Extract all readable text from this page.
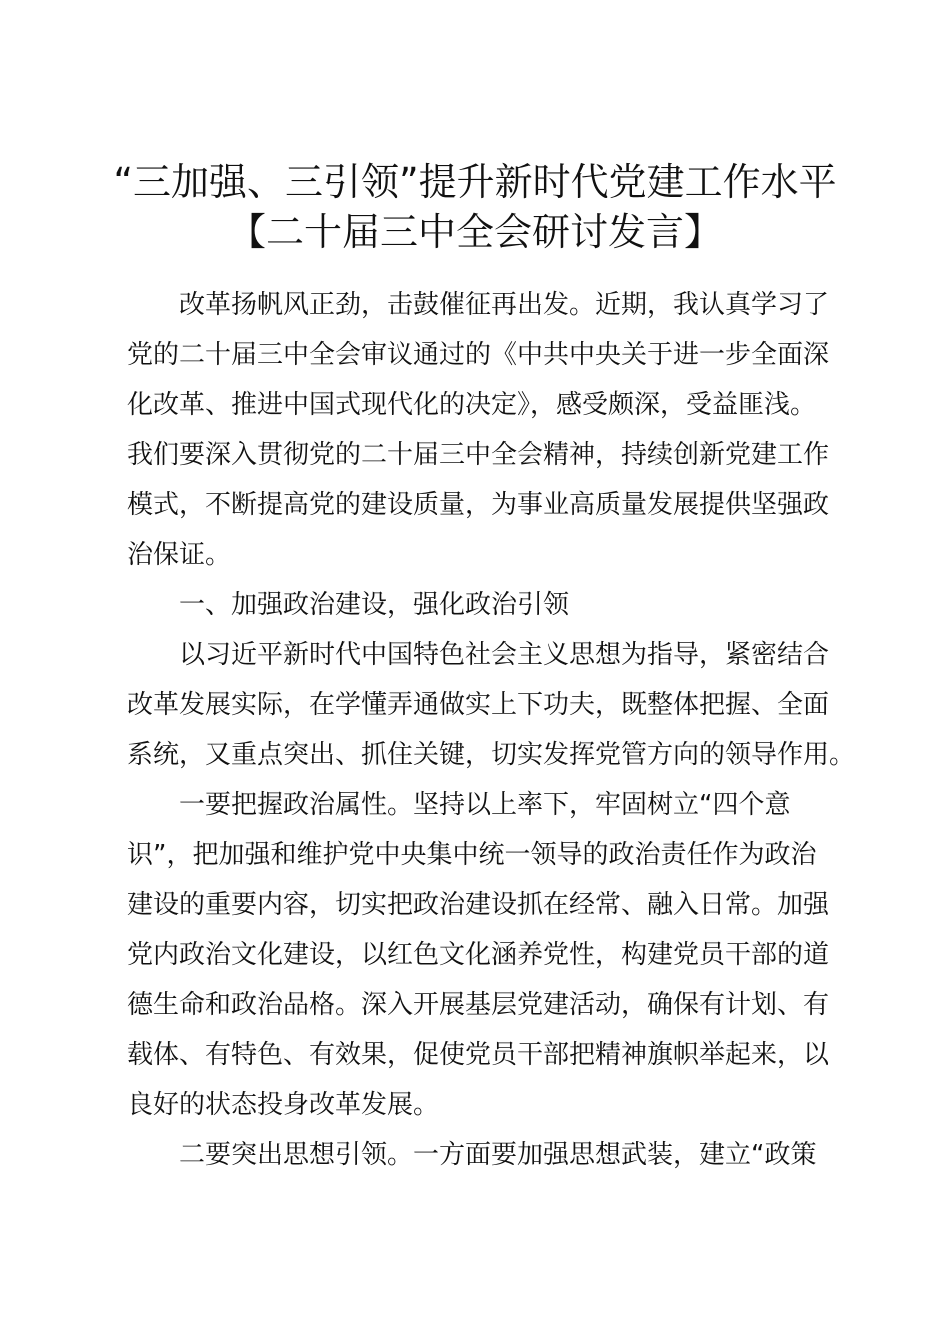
“三加强、三引领”提升新时代党建工作水平
【二十届三中全会研讨发言】
改革扬帆风正劲，击鼓催征再出发。近期，我认真学习了
党的二十届三中全会审议通过的《中共中央关于进一步全面深
化改革、推进中国式现代化的决定》，感受颇深，受益匪浅。
我们要深入贯彻党的二十届三中全会精神，持续创新党建工作
模式，不断提高党的建设质量，为事业高质量发展提供坚强政
治保证。
一、加强政治建设，强化政治引领
以习近平新时代中国特色社会主义思想为指导，紧密结合
改革发展实际，在学懂弄通做实上下功夫，既整体把握、全面
系统，又重点突出、抓住关键，切实发挥党管方向的领导作用。
一要把握政治属性。坚持以上率下，牢固树立“四个意
识”，把加强和维护党中央集中统一领导的政治责任作为政治
建设的重要内容，切实把政治建设抓在经常、融入日常。加强
党内政治文化建设，以红色文化涵养党性，构建党员干部的道
德生命和政治品格。深入开展基层党建活动，确保有计划、有
载体、有特色、有效果，促使党员干部把精神旗帜举起来，以
良好的状态投身改革发展。
二要突出思想引领。一方面要加强思想武装，建立“政策
